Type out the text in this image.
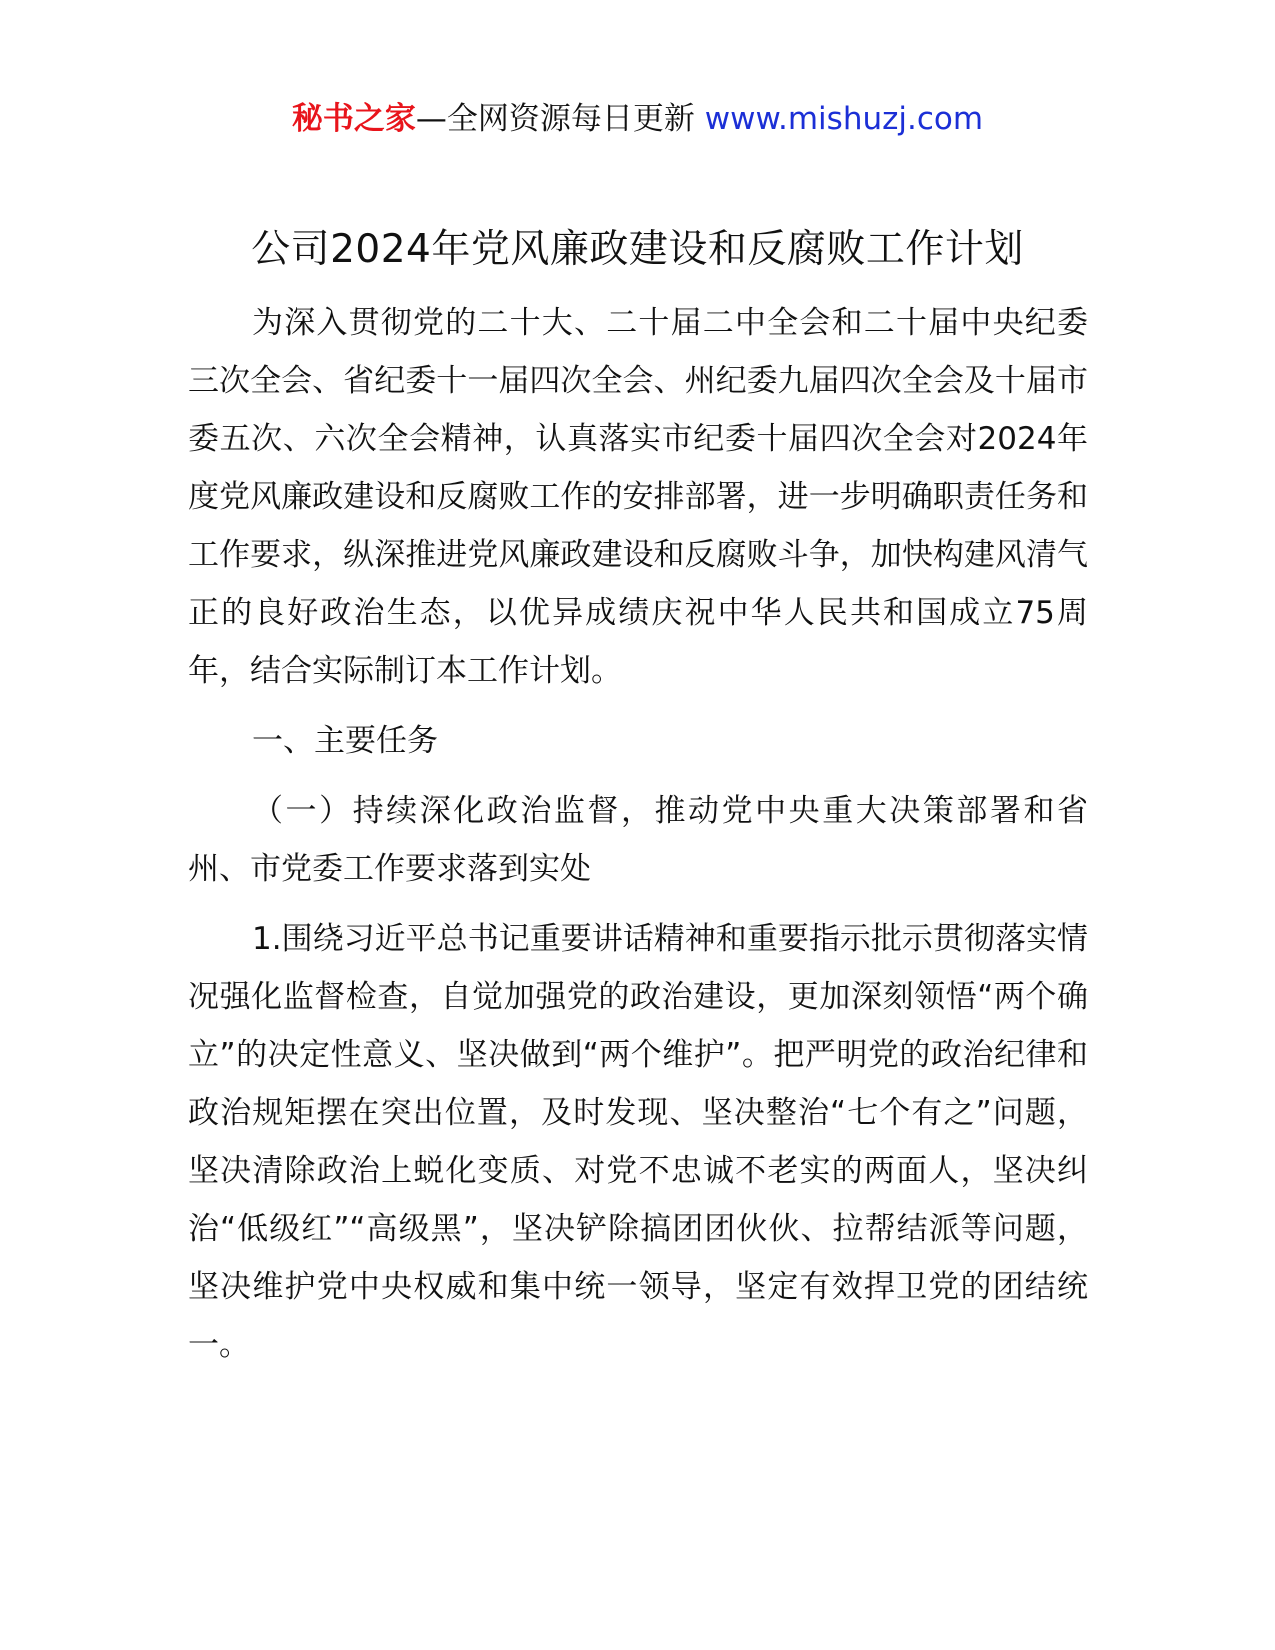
秘书之家—全网资源每日更新 www.mishuzj.com
公司2024年党风廉政建设和反腐败工作计划

为深入贯彻党的二十大、二十届二中全会和二十届中央纪委三次全会、省纪委十一届四次全会、州纪委九届四次全会及十届市委五次、六次全会精神，认真落实市纪委十届四次全会对2024年度党风廉政建设和反腐败工作的安排部署，进一步明确职责任务和工作要求，纵深推进党风廉政建设和反腐败斗争，加快构建风清气正的良好政治生态，以优异成绩庆祝中华人民共和国成立75周年，结合实际制订本工作计划。

一、主要任务

（一）持续深化政治监督，推动党中央重大决策部署和省州、市党委工作要求落到实处

1.围绕习近平总书记重要讲话精神和重要指示批示贯彻落实情况强化监督检查，自觉加强党的政治建设，更加深刻领悟“两个确立”的决定性意义、坚决做到“两个维护”。把严明党的政治纪律和政治规矩摆在突出位置，及时发现、坚决整治“七个有之”问题，坚决清除政治上蜕化变质、对党不忠诚不老实的两面人，坚决纠治“低级红”“高级黑”，坚决铲除搞团团伙伙、拉帮结派等问题，坚决维护党中央权威和集中统一领导，坚定有效捍卫党的团结统一。
